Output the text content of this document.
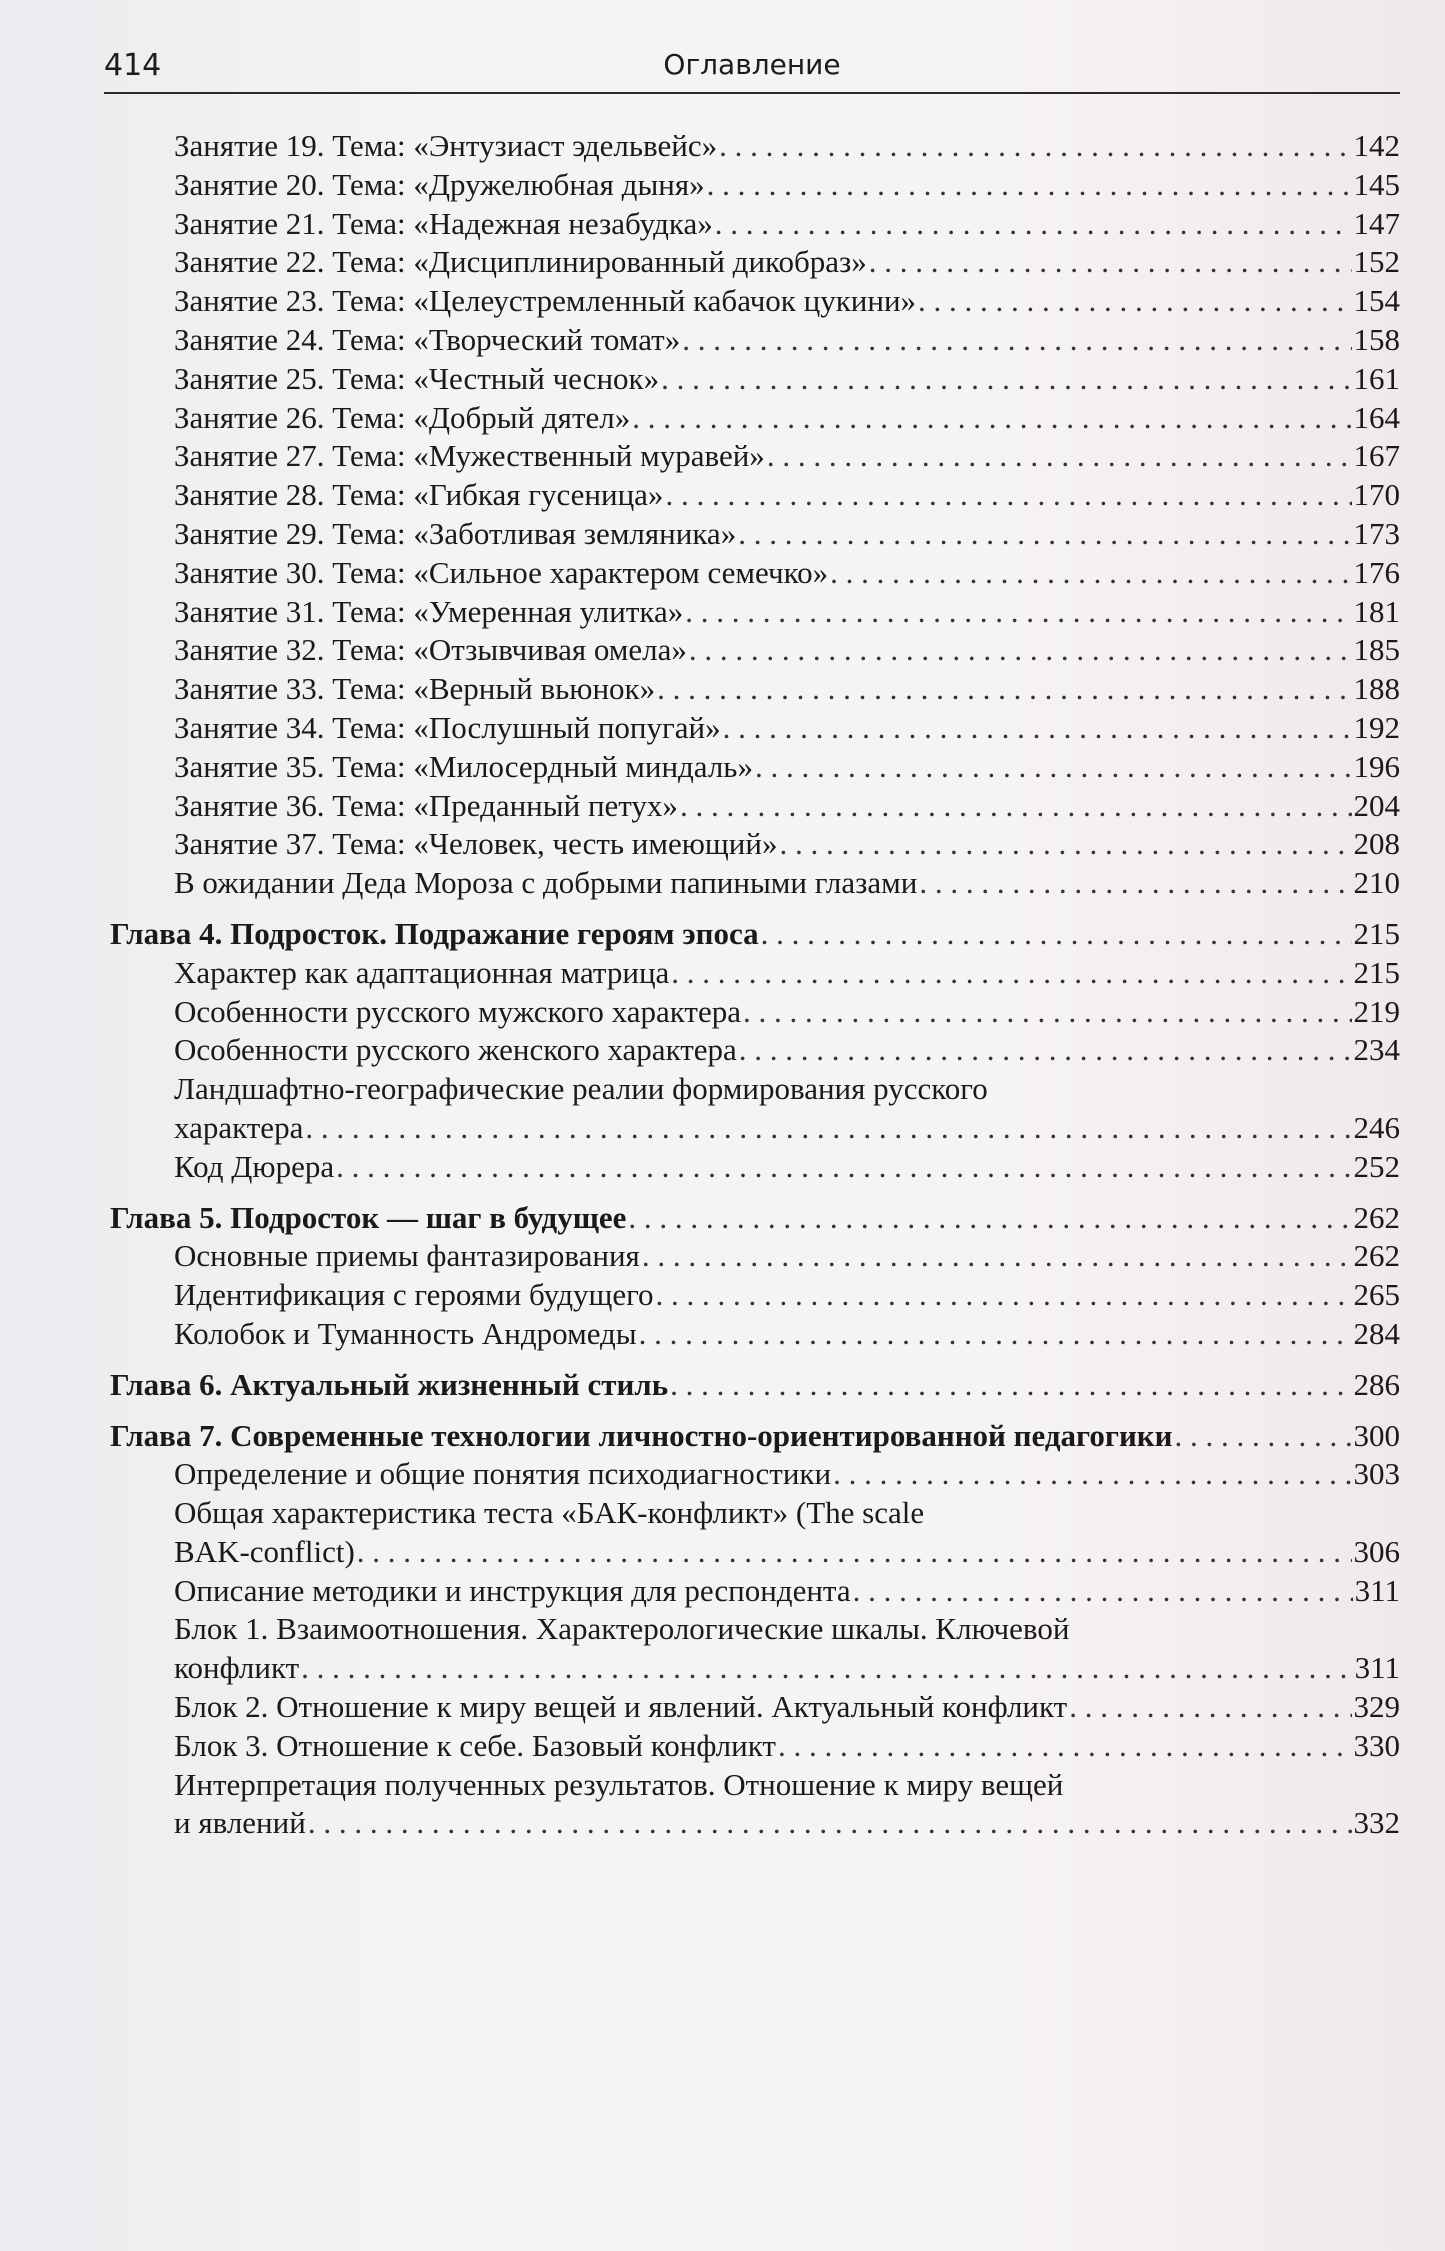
414	Оглавление
Занятие 19. Тема: «Энтузиаст эдельвейс» . . .	142
Занятие 20. Тема: «Дружелюбная дыня» . . .	145
Занятие 21. Тема: «Надежная незабудка» . . .	147
Занятие 22. Тема: «Дисциплинированный дикобраз» . . .	152
Занятие 23. Тема: «Целеустремленный кабачок цукини» . . .	154
Занятие 24. Тема: «Творческий томат» . . .	158
Занятие 25. Тема: «Честный чеснок» . . .	161
Занятие 26. Тема: «Добрый дятел» . . .	164
Занятие 27. Тема: «Мужественный муравей» . . .	167
Занятие 28. Тема: «Гибкая гусеница» . . .	170
Занятие 29. Тема: «Заботливая земляника» . . .	173
Занятие 30. Тема: «Сильное характером семечко» . . .	176
Занятие 31. Тема: «Умеренная улитка» . . .	181
Занятие 32. Тема: «Отзывчивая омела» . . .	185
Занятие 33. Тема: «Верный вьюнок» . . .	188
Занятие 34. Тема: «Послушный попугай» . . .	192
Занятие 35. Тема: «Милосердный миндаль» . . .	196
Занятие 36. Тема: «Преданный петух» . . .	204
Занятие 37. Тема: «Человек, честь имеющий» . . .	208
В ожидании Деда Мороза с добрыми папиными глазами . . .	210
Глава 4. Подросток. Подражание героям эпоса . . .	215
Характер как адаптационная матрица . . .	215
Особенности русского мужского характера . . .	219
Особенности русского женского характера . . .	234
Ландшафтно-географические реалии формирования русского
характера . . .	246
Код Дюрера . . .	252
Глава 5. Подросток — шаг в будущее . . .	262
Основные приемы фантазирования . . .	262
Идентификация с героями будущего . . .	265
Колобок и Туманность Андромеды . . .	284
Глава 6. Актуальный жизненный стиль . . .	286
Глава 7. Современные технологии личностно-ориентированной педагогики . . .	300
Определение и общие понятия психодиагностики . . .	303
Общая характеристика теста «БАК-конфликт» (The scale
BAK-conflict) . . .	306
Описание методики и инструкция для респондента . . .	311
Блок 1. Взаимоотношения. Характерологические шкалы. Ключевой
конфликт . . .	311
Блок 2. Отношение к миру вещей и явлений. Актуальный конфликт . . .	329
Блок 3. Отношение к себе. Базовый конфликт . . .	330
Интерпретация полученных результатов. Отношение к миру вещей
и явлений . . .	332
